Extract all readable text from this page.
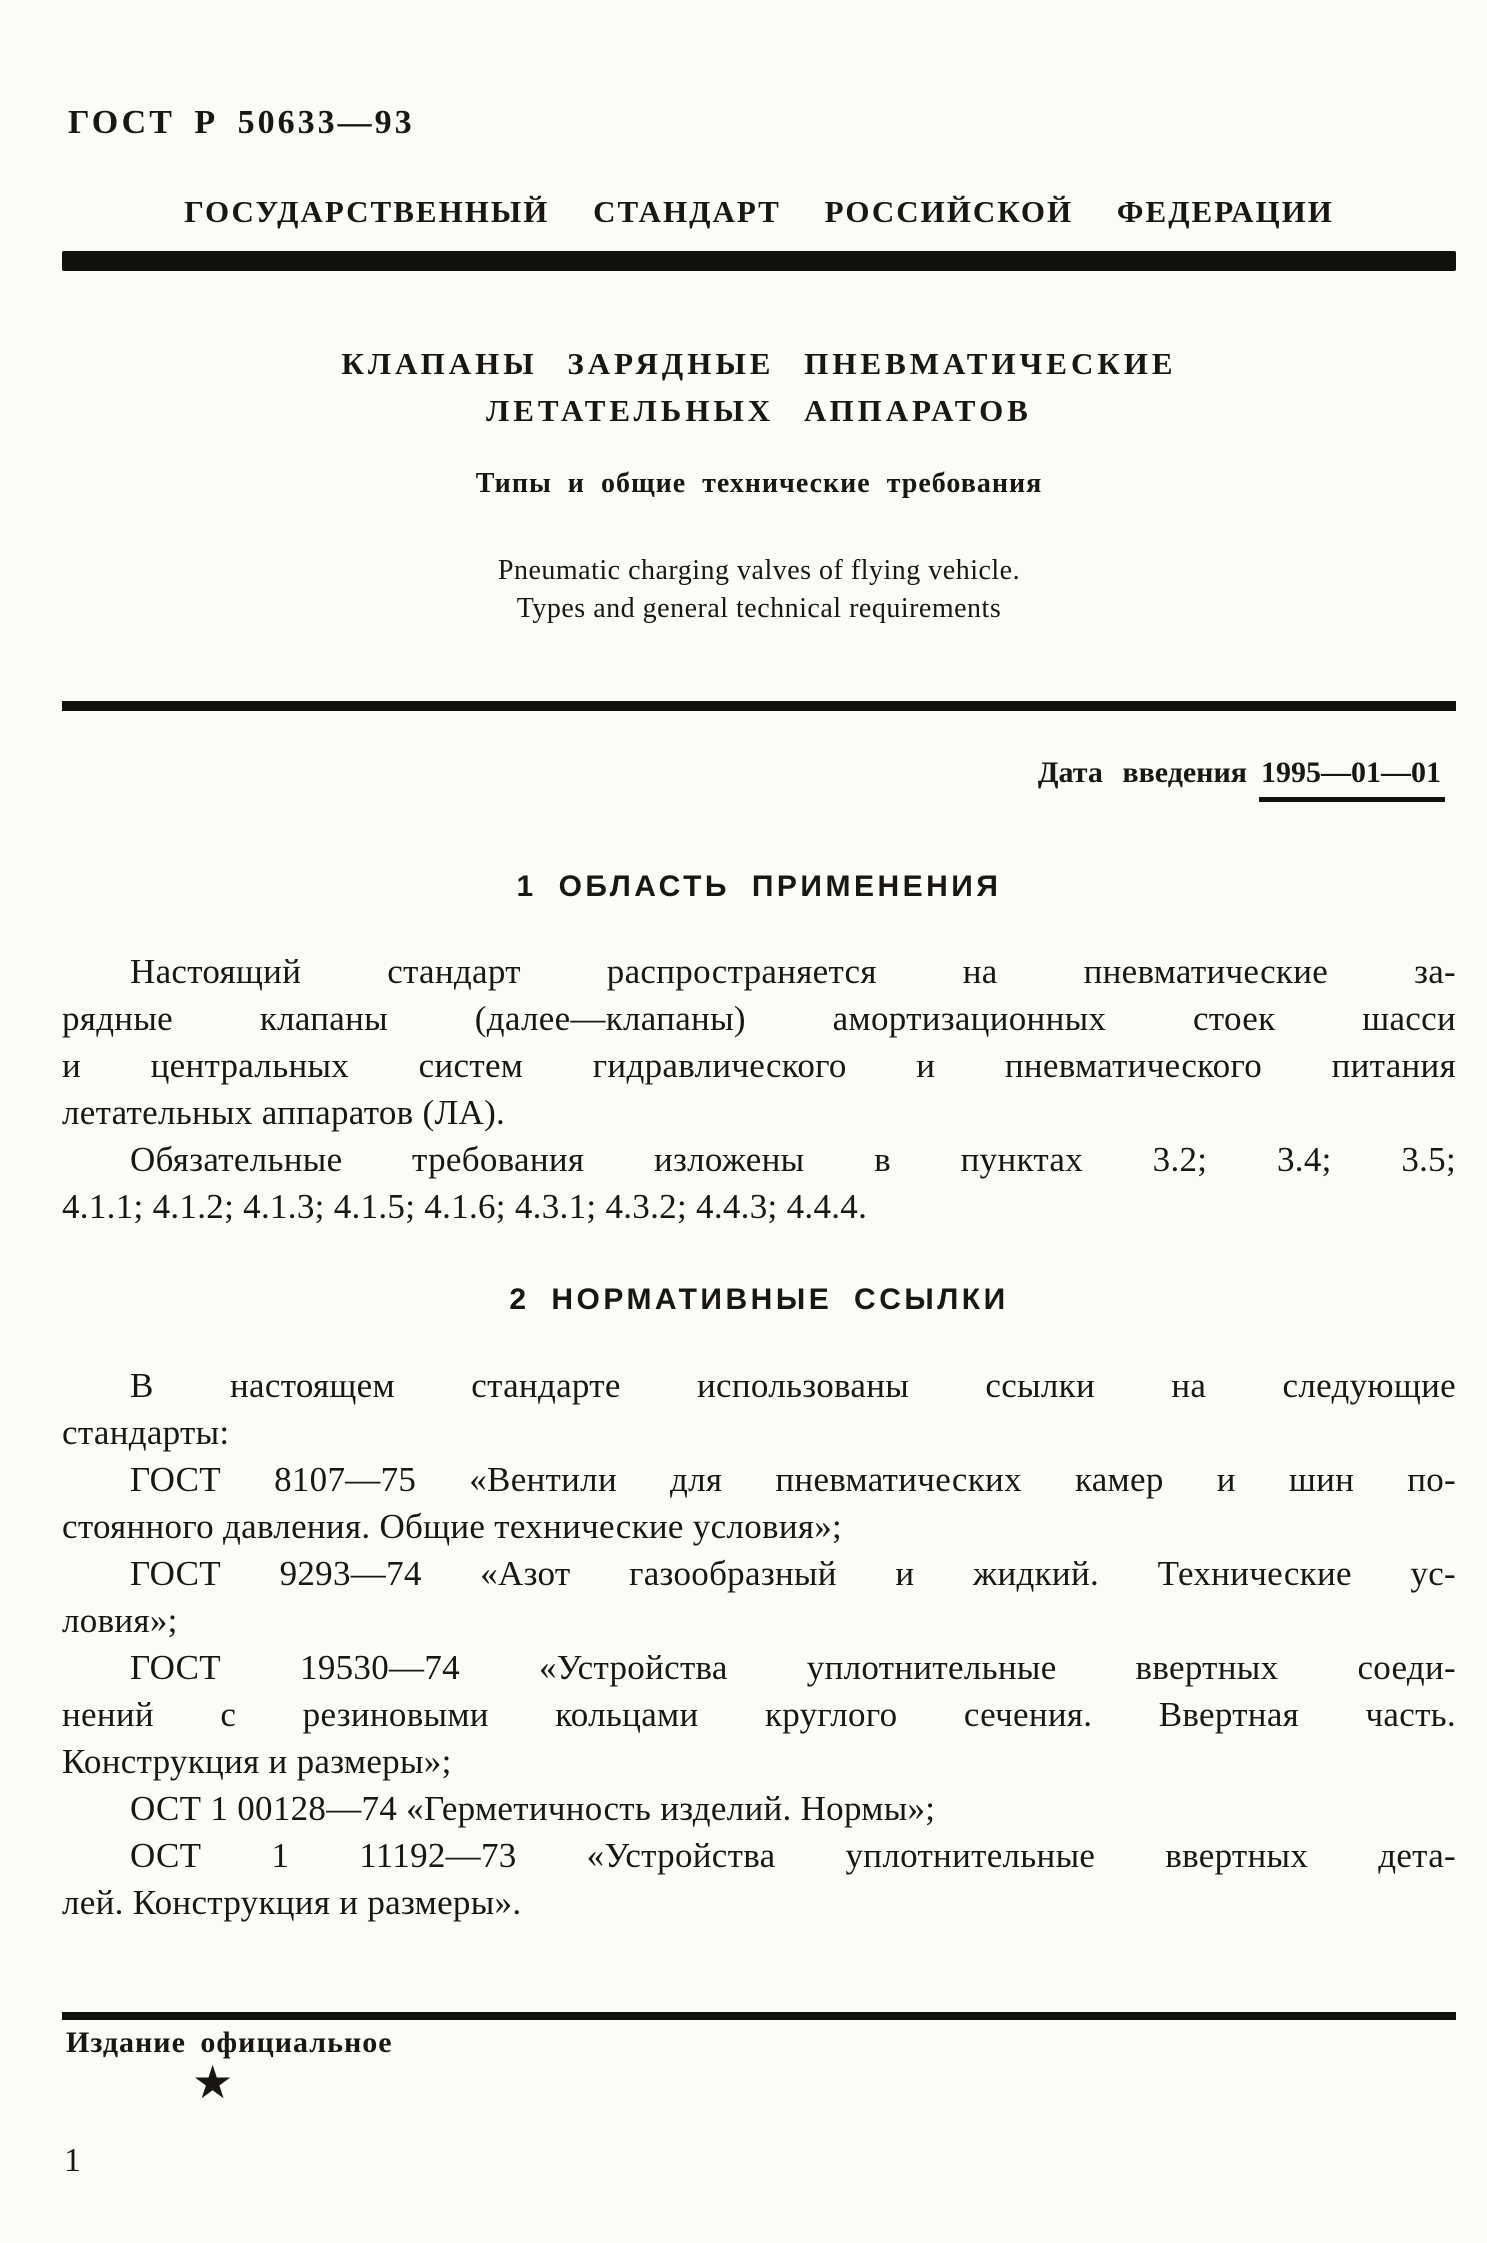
ГОСТ Р 50633—93
ГОСУДАРСТВЕННЫЙ СТАНДАРТ РОССИЙСКОЙ ФЕДЕРАЦИИ
КЛАПАНЫ ЗАРЯДНЫЕ ПНЕВМАТИЧЕСКИЕ
ЛЕТАТЕЛЬНЫХ АППАРАТОВ
Типы и общие технические требования
Pneumatic charging valves of flying vehicle.
Types and general technical requirements
Дата введения 1995—01—01
1 ОБЛАСТЬ ПРИМЕНЕНИЯ
Настоящий стандарт распространяется на пневматические за-
рядные клапаны (далее—клапаны) амортизационных стоек шасси
и центральных систем гидравлического и пневматического питания
летательных аппаратов (ЛА).
Обязательные требования изложены в пунктах 3.2; 3.4; 3.5;
4.1.1; 4.1.2; 4.1.3; 4.1.5; 4.1.6; 4.3.1; 4.3.2; 4.4.3; 4.4.4.
2 НОРМАТИВНЫЕ ССЫЛКИ
В настоящем стандарте использованы ссылки на следующие
стандарты:
ГОСТ 8107—75 «Вентили для пневматических камер и шин по-
стоянного давления. Общие технические условия»;
ГОСТ 9293—74 «Азот газообразный и жидкий. Технические ус-
ловия»;
ГОСТ 19530—74 «Устройства уплотнительные ввертных соеди-
нений с резиновыми кольцами круглого сечения. Ввертная часть.
Конструкция и размеры»;
ОСТ 1 00128—74 «Герметичность изделий. Нормы»;
ОСТ 1 11192—73 «Устройства уплотнительные ввертных дета-
лей. Конструкция и размеры».
Издание официальное
★
1
